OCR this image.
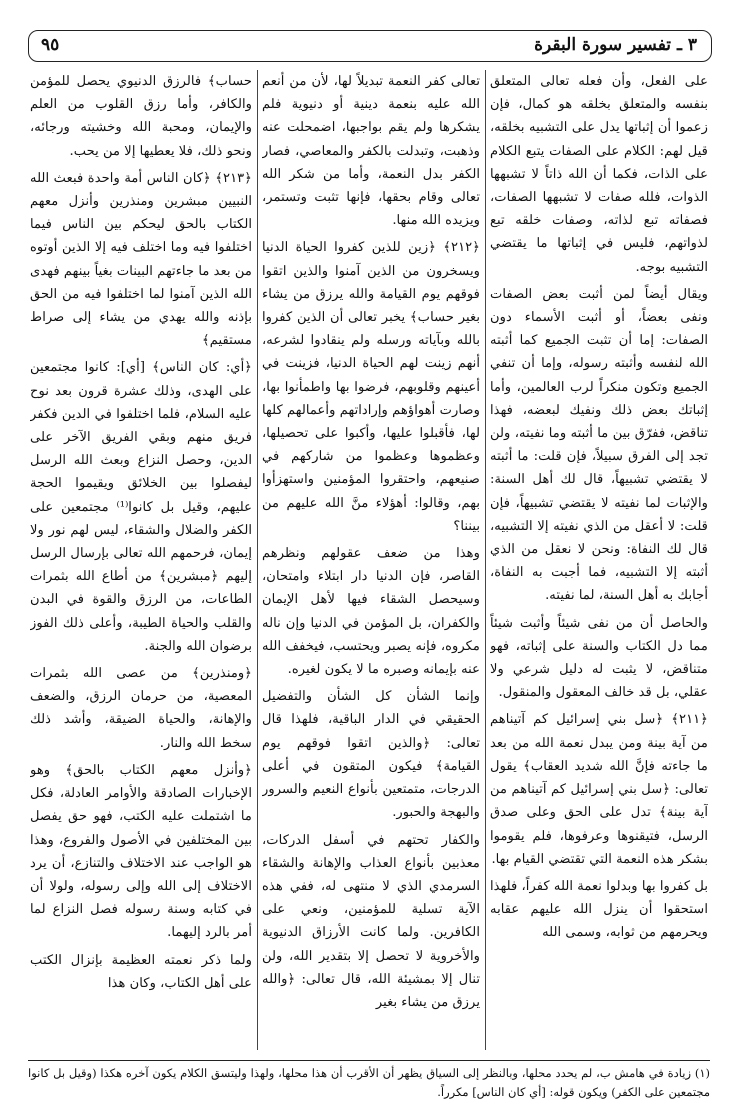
٣ ـ تفسير سورة البقرة
٩٥

على الفعل، وأن فعله تعالى المتعلق بنفسه والمتعلق بخلقه هو كمال، فإن زعموا أن إثباتها يدل على التشبيه بخلقه، قيل لهم: الكلام على الصفات يتبع الكلام على الذات، فكما أن الله ذاتاً لا تشبهها الذوات، فلله صفات لا تشبهها الصفات، فصفاته تبع لذاته، وصفات خلقه تبع لذواتهم، فليس في إثباتها ما يقتضي التشبيه بوجه.

ويقال أيضاً لمن أثبت بعض الصفات ونفى بعضاً، أو أثبت الأسماء دون الصفات: إما أن تثبت الجميع كما أثبته الله لنفسه وأثبته رسوله، وإما أن تنفي الجميع وتكون منكراً لرب العالمين، وأما إثباتك بعض ذلك ونفيك لبعضه، فهذا تناقض، ففرّق بين ما أثبته وما نفيته، ولن تجد إلى الفرق سبيلاً، فإن قلت: ما أثبته لا يقتضي تشبيهاً، قال لك أهل السنة: والإثبات لما نفيته لا يقتضي تشبيهاً، فإن قلت: لا أعقل من الذي نفيته إلا التشبيه، قال لك النفاة: ونحن لا نعقل من الذي أثبته إلا التشبيه، فما أجبت به النفاة، أجابك به أهل السنة، لما نفيته.

والحاصل أن من نفى شيئاً وأثبت شيئاً مما دل الكتاب والسنة على إثباته، فهو متناقض، لا يثبت له دليل شرعي ولا عقلي، بل قد خالف المعقول والمنقول.

﴿٢١١﴾ ﴿سل بني إسرائيل كم آتيناهم من آية بينة ومن يبدل نعمة الله من بعد ما جاءته فإنَّ الله شديد العقاب﴾ يقول تعالى: ﴿سل بني إسرائيل كم آتيناهم من آية بينة﴾ تدل على الحق وعلى صدق الرسل، فتيقنوها وعرفوها، فلم يقوموا بشكر هذه النعمة التي تقتضي القيام بها.

بل كفروا بها وبدلوا نعمة الله كفراً، فلهذا استحقوا أن ينزل الله عليهم عقابه ويحرمهم من ثوابه، وسمى الله

تعالى كفر النعمة تبديلاً لها، لأن من أنعم الله عليه بنعمة دينية أو دنيوية فلم يشكرها ولم يقم بواجبها، اضمحلت عنه وذهبت، وتبدلت بالكفر والمعاصي، فصار الكفر بدل النعمة، وأما من شكر الله تعالى وقام بحقها، فإنها تثبت وتستمر، ويزيده الله منها.

﴿٢١٢﴾ ﴿زين للذين كفروا الحياة الدنيا ويسخرون من الذين آمنوا والذين اتقوا فوقهم يوم القيامة والله يرزق من يشاء بغير حساب﴾ يخبر تعالى أن الذين كفروا بالله وبآياته ورسله ولم ينقادوا لشرعه، أنهم زينت لهم الحياة الدنيا، فزينت في أعينهم وقلوبهم، فرضوا بها واطمأنوا بها، وصارت أهواؤهم وإراداتهم وأعمالهم كلها لها، فأقبلوا عليها، وأكبوا على تحصيلها، وعظموها وعظموا من شاركهم في صنيعهم، واحتقروا المؤمنين واستهزأوا بهم، وقالوا: أهؤلاء منَّ الله عليهم من بيننا؟

وهذا من ضعف عقولهم ونظرهم القاصر، فإن الدنيا دار ابتلاء وامتحان، وسيحصل الشقاء فيها لأهل الإيمان والكفران، بل المؤمن في الدنيا وإن ناله مكروه، فإنه يصبر ويحتسب، فيخفف الله عنه بإيمانه وصبره ما لا يكون لغيره.

وإنما الشأن كل الشأن والتفضيل الحقيقي في الدار الباقية، فلهذا قال تعالى: ﴿والذين اتقوا فوقهم يوم القيامة﴾ فيكون المتقون في أعلى الدرجات، متمتعين بأنواع النعيم والسرور والبهجة والحبور.

والكفار تحتهم في أسفل الدركات، معذبين بأنواع العذاب والإهانة والشقاء السرمدي الذي لا منتهى له، ففي هذه الآية تسلية للمؤمنين، ونعي على الكافرين. ولما كانت الأرزاق الدنيوية والأخروية لا تحصل إلا بتقدير الله، ولن تنال إلا بمشيئة الله، قال تعالى: ﴿والله يرزق من يشاء بغير

حساب﴾ فالرزق الدنيوي يحصل للمؤمن والكافر، وأما رزق القلوب من العلم والإيمان، ومحبة الله وخشيته ورجائه، ونحو ذلك، فلا يعطيها إلا من يحب.

﴿٢١٣﴾ ﴿كان الناس أمة واحدة فبعث الله النبيين مبشرين ومنذرين وأنزل معهم الكتاب بالحق ليحكم بين الناس فيما اختلفوا فيه وما اختلف فيه إلا الذين أوتوه من بعد ما جاءتهم البينات بغياً بينهم فهدى الله الذين آمنوا لما اختلفوا فيه من الحق بإذنه والله يهدي من يشاء إلى صراط مستقيم﴾

﴿أي: كان الناس﴾ [أي]: كانوا مجتمعين على الهدى، وذلك عشرة قرون بعد نوح عليه السلام، فلما اختلفوا في الدين فكفر فريق منهم وبقي الفريق الآخر على الدين، وحصل النزاع وبعث الله الرسل ليفصلوا بين الخلائق ويقيموا الحجة عليهم، وقيل بل كانوا⁽¹⁾ مجتمعين على الكفر والضلال والشقاء، ليس لهم نور ولا إيمان، فرحمهم الله تعالى بإرسال الرسل إليهم ﴿مبشرين﴾ من أطاع الله بثمرات الطاعات، من الرزق والقوة في البدن والقلب والحياة الطيبة، وأعلى ذلك الفوز برضوان الله والجنة.

﴿ومنذرين﴾ من عصى الله بثمرات المعصية، من حرمان الرزق، والضعف والإهانة، والحياة الضيقة، وأشد ذلك سخط الله والنار.

﴿وأنزل معهم الكتاب بالحق﴾ وهو الإخبارات الصادقة والأوامر العادلة، فكل ما اشتملت عليه الكتب، فهو حق يفصل بين المختلفين في الأصول والفروع، وهذا هو الواجب عند الاختلاف والتنازع، أن يرد الاختلاف إلى الله وإلى رسوله، ولولا أن في كتابه وسنة رسوله فصل النزاع لما أمر بالرد إليهما.

ولما ذكر نعمته العظيمة بإنزال الكتب على أهل الكتاب، وكان هذا

(١) زيادة في هامش ب، لم يحدد محلها، وبالنظر إلى السياق يظهر أن الأقرب أن هذا محلها، ولهذا وليتسق الكلام يكون آخره هكذا (وقيل بل كانوا مجتمعين على الكفر) ويكون قوله: [أي كان الناس] مكرراً.
